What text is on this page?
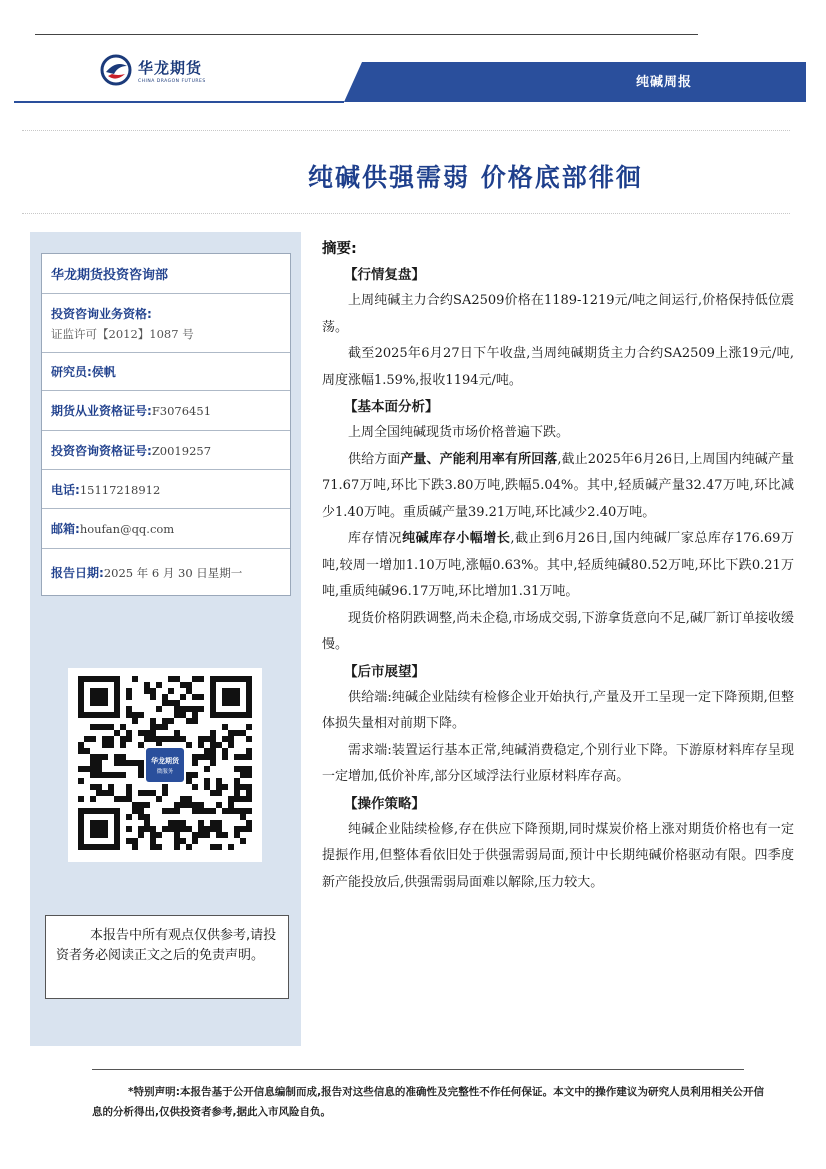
华龙期货
CHINA DRAGON FUTURES	纯碱周报
纯碱供强需弱 价格底部徘徊
华龙期货投资咨询部
投资咨询业务资格:
证监许可【2012】1087 号
研究员:侯帆
期货从业资格证号:F3076451
投资咨询资格证号:Z0019257
电话:15117218912
邮箱:houfan@qq.com
报告日期:2025 年 6 月 30 日星期一
华龙期货
微服务
本报告中所有观点仅供参考,请投资者务必阅读正文之后的免责声明。
摘要:
【行情复盘】
上周纯碱主力合约SA2509价格在1189-1219元/吨之间运行,价格保持低位震荡。
截至2025年6月27日下午收盘,当周纯碱期货主力合约SA2509上涨19元/吨,周度涨幅1.59%,报收1194元/吨。
【基本面分析】
上周全国纯碱现货市场价格普遍下跌。
供给方面产量、产能利用率有所回落,截止2025年6月26日,上周国内纯碱产量71.67万吨,环比下跌3.80万吨,跌幅5.04%。其中,轻质碱产量32.47万吨,环比减少1.40万吨。重质碱产量39.21万吨,环比减少2.40万吨。
库存情况纯碱库存小幅增长,截止到6月26日,国内纯碱厂家总库存176.69万吨,较周一增加1.10万吨,涨幅0.63%。其中,轻质纯碱80.52万吨,环比下跌0.21万吨,重质纯碱96.17万吨,环比增加1.31万吨。
现货价格阴跌调整,尚未企稳,市场成交弱,下游拿货意向不足,碱厂新订单接收缓慢。
【后市展望】
供给端:纯碱企业陆续有检修企业开始执行,产量及开工呈现一定下降预期,但整体损失量相对前期下降。
需求端:装置运行基本正常,纯碱消费稳定,个别行业下降。下游原材料库存呈现一定增加,低价补库,部分区域浮法行业原材料库存高。
【操作策略】
纯碱企业陆续检修,存在供应下降预期,同时煤炭价格上涨对期货价格也有一定提振作用,但整体看依旧处于供强需弱局面,预计中长期纯碱价格驱动有限。四季度新产能投放后,供强需弱局面难以解除,压力较大。
*特别声明:本报告基于公开信息编制而成,报告对这些信息的准确性及完整性不作任何保证。本文中的操作建议为研究人员利用相关公开信息的分析得出,仅供投资者参考,据此入市风险自负。
